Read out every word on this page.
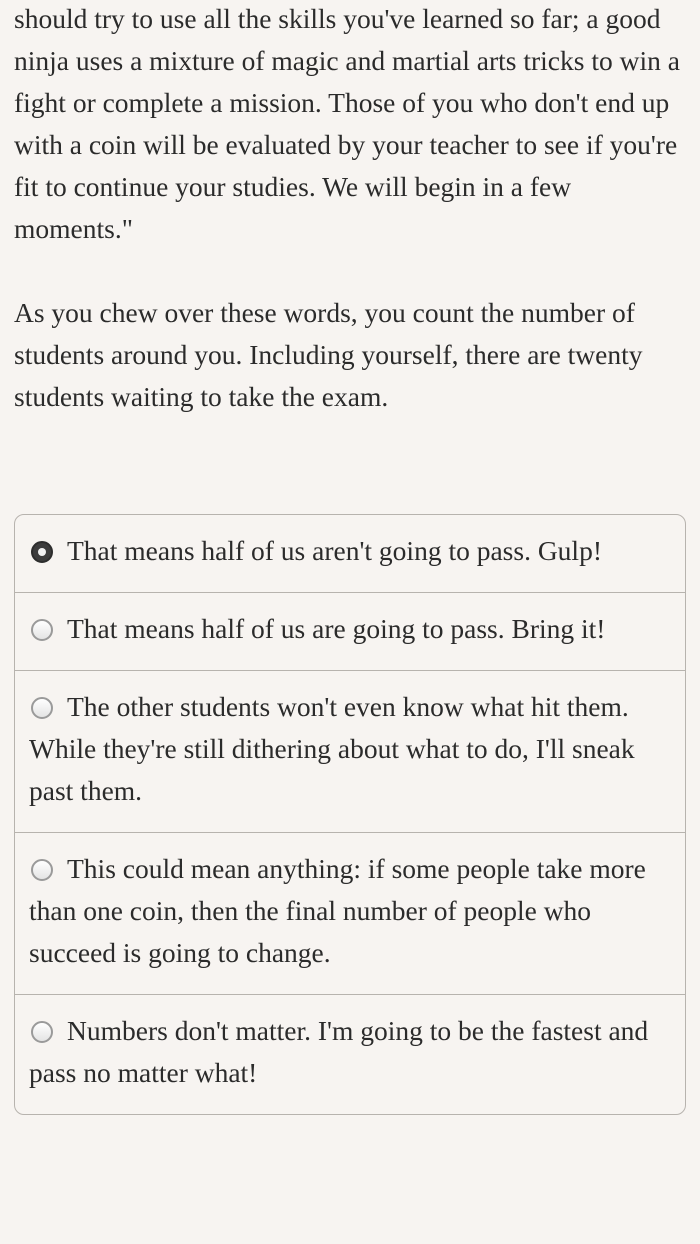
should try to use all the skills you've learned so far; a good ninja uses a mixture of magic and martial arts tricks to win a fight or complete a mission. Those of you who don't end up with a coin will be evaluated by your teacher to see if you're fit to continue your studies. We will begin in a few moments."

As you chew over these words, you count the number of students around you. Including yourself, there are twenty students waiting to take the exam.

That means half of us aren't going to pass. Gulp!
That means half of us are going to pass. Bring it!
The other students won't even know what hit them. While they're still dithering about what to do, I'll sneak past them.
This could mean anything: if some people take more than one coin, then the final number of people who succeed is going to change.
Numbers don't matter. I'm going to be the fastest and pass no matter what!
